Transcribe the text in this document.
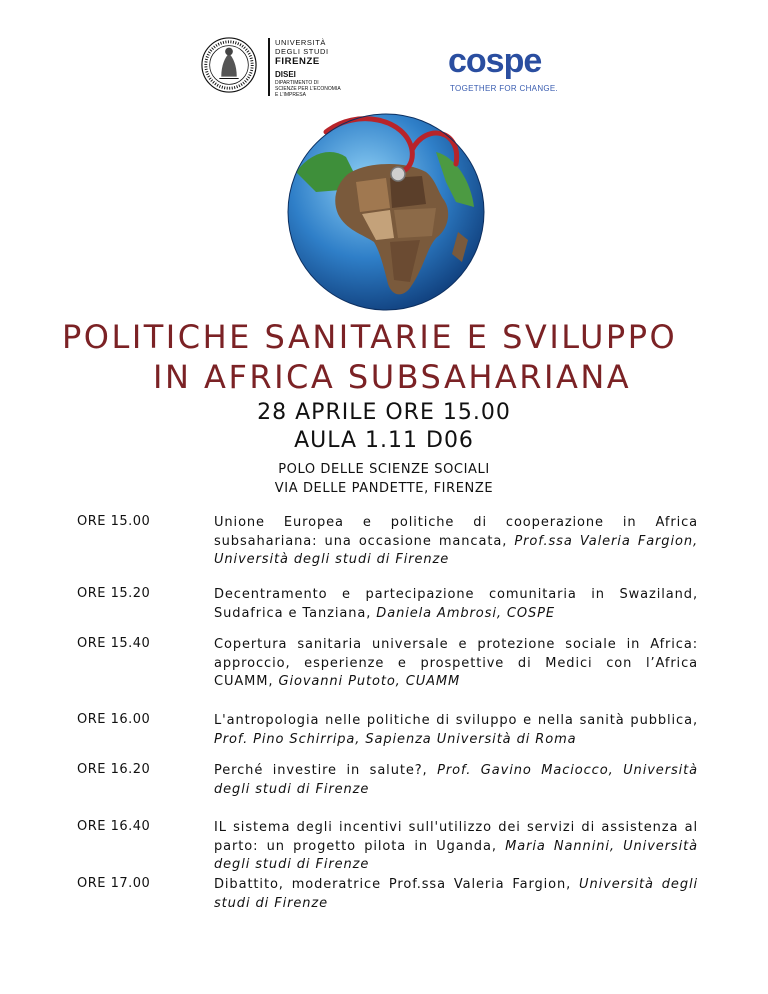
UNIVERSITÀ
DEGLI STUDI
FIRENZE
DISEI
DIPARTIMENTO DI
SCIENZE PER L'ECONOMIA
E L'IMPRESA
cospe
TOGETHER FOR CHANGE.
POLITICHE SANITARIE E SVILUPPO
IN AFRICA SUBSAHARIANA
28 APRILE ORE 15.00
AULA 1.11 D06
POLO DELLE SCIENZE SOCIALI
VIA DELLE PANDETTE, FIRENZE
ORE 15.00	Unione Europea e politiche di cooperazione in Africa subsahariana: una occasione mancata, Prof.ssa Valeria Fargion, Università degli studi di Firenze
ORE 15.20	Decentramento e partecipazione comunitaria in Swaziland, Sudafrica e Tanziana, Daniela Ambrosi, COSPE
ORE 15.40	Copertura sanitaria universale e protezione sociale in Africa: approccio, esperienze e prospettive di Medici con l’Africa CUAMM, Giovanni Putoto, CUAMM
ORE 16.00	L'antropologia nelle politiche di sviluppo e nella sanità pubblica, Prof. Pino Schirripa, Sapienza Università di Roma
ORE 16.20	Perché investire in salute?, Prof. Gavino Maciocco, Università degli studi di Firenze
ORE 16.40	IL sistema degli incentivi sull'utilizzo dei servizi di assistenza al parto: un progetto pilota in Uganda, Maria Nannini, Università degli studi di Firenze
ORE 17.00	Dibattito, moderatrice Prof.ssa Valeria Fargion, Università degli studi di Firenze
